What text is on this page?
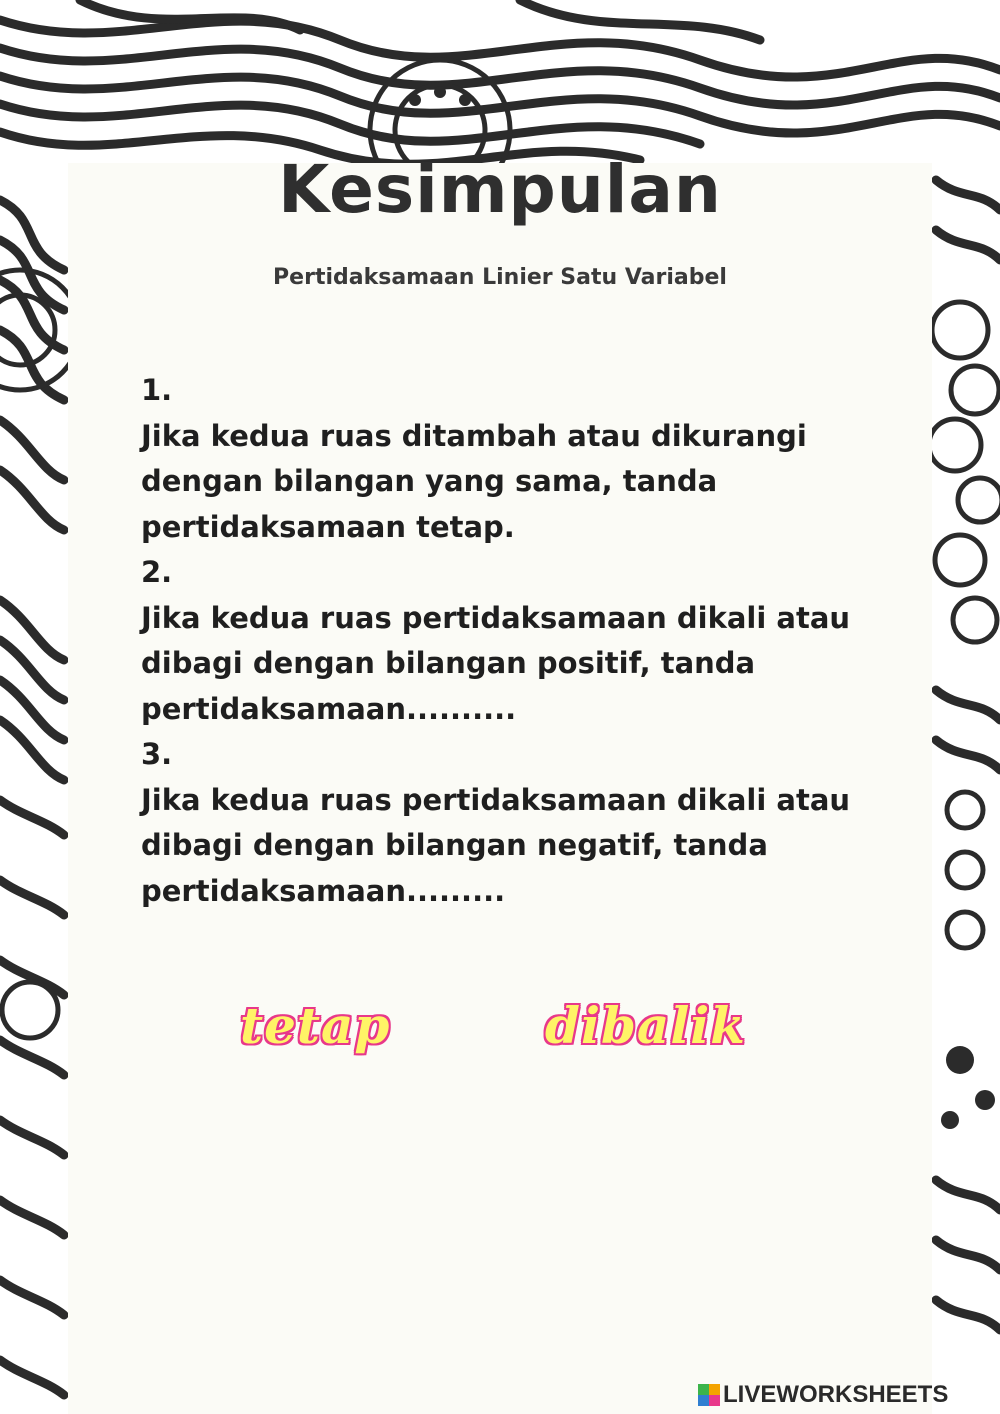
Kesimpulan

Pertidaksamaan Linier Satu Variabel

1.

Jika kedua ruas ditambah atau dikurangi

dengan bilangan yang sama, tanda

pertidaksamaan tetap.

2.

Jika kedua ruas pertidaksamaan dikali atau

dibagi dengan bilangan positif, tanda

pertidaksamaan..........

3.

Jika kedua ruas pertidaksamaan dikali atau

dibagi dengan bilangan negatif, tanda

pertidaksamaan.........

tetap	dibalik
LIVEWORKSHEETS
